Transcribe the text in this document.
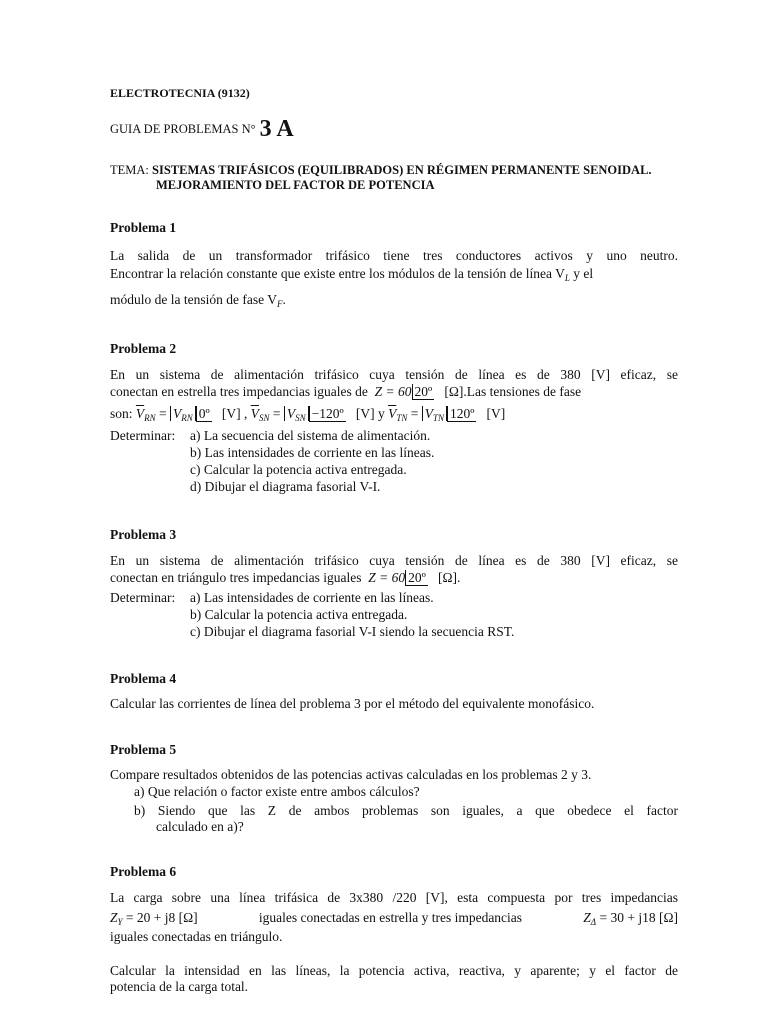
ELECTROTECNIA (9132)
GUIA DE PROBLEMAS N° 3 A
TEMA: SISTEMAS TRIFÁSICOS (EQUILIBRADOS) EN RÉGIMEN PERMANENTE SENOIDAL.
MEJORAMIENTO DEL FACTOR DE POTENCIA
Problema 1
La salida de un transformador trifásico tiene tres conductores activos y uno neutro.
Encontrar la relación constante que existe entre los módulos de la tensión de línea $V_L$ y el
módulo de la tensión de fase $V_F$.
Problema 2
En un sistema de alimentación trifásico cuya tensión de línea es de 380 [V] eficaz, se
conectan en estrella tres impedancias iguales de Z = 60 20º [Ω].Las tensiones de fase
son: $\overline{V}_{RN} = V_{RN}$ 0º [V] , $\overline{V}_{SN} = V_{SN}$ −120º [V] y $\overline{V}_{TN} = V_{TN}$ 120º [V]
Determinar: a) La secuencia del sistema de alimentación.
b) Las intensidades de corriente en las líneas.
c) Calcular la potencia activa entregada.
d) Dibujar el diagrama fasorial V-I.
Problema 3
En un sistema de alimentación trifásico cuya tensión de línea es de 380 [V] eficaz, se
conectan en triángulo tres impedancias iguales Z = 60 20º [Ω].
Determinar: a) Las intensidades de corriente en las líneas.
b) Calcular la potencia activa entregada.
c) Dibujar el diagrama fasorial V-I siendo la secuencia RST.
Problema 4
Calcular las corrientes de línea del problema 3 por el método del equivalente monofásico.
Problema 5
Compare resultados obtenidos de las potencias activas calculadas en los problemas 2 y 3.
a) Que relación o factor existe entre ambos cálculos?
b) Siendo que las Z de ambos problemas son iguales, a que obedece el factor
calculado en a)?
Problema 6
La carga sobre una línea trifásica de 3x380 /220 [V], esta compuesta por tres impedancias
$Z_Y = 20 + j8$ [Ω]	iguales conectadas en estrella y tres impedancias	$Z_\Delta = 30 + j18$ [Ω]
iguales conectadas en triángulo.
Calcular la intensidad en las líneas, la potencia activa, reactiva, y aparente; y el factor de
potencia de la carga total.
